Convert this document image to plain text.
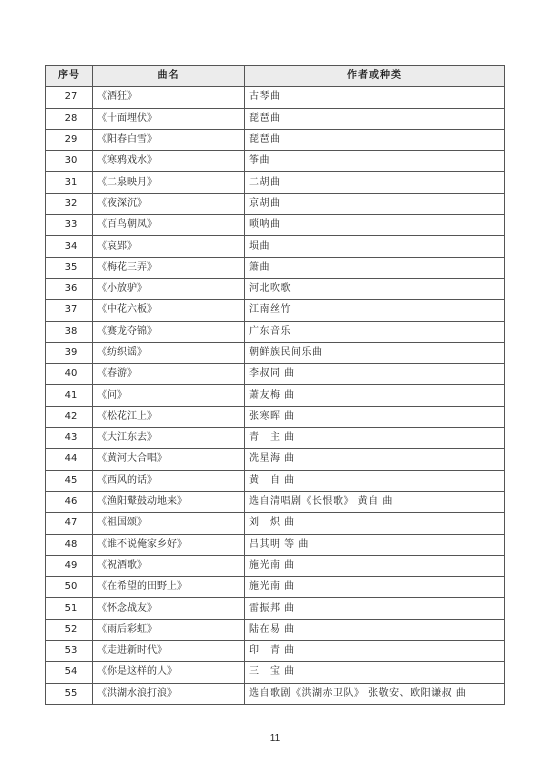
序号	曲名	作者或种类
27	《酒狂》	古琴曲
28	《十面埋伏》	琵琶曲
29	《阳春白雪》	琵琶曲
30	《寒鸦戏水》	筝曲
31	《二泉映月》	二胡曲
32	《夜深沉》	京胡曲
33	《百鸟朝凤》	唢呐曲
34	《哀郢》	埙曲
35	《梅花三弄》	箫曲
36	《小放驴》	河北吹歌
37	《中花六板》	江南丝竹
38	《赛龙夺锦》	广东音乐
39	《纺织谣》	朝鲜族民间乐曲
40	《春游》	李叔同 曲
41	《问》	萧友梅 曲
42	《松花江上》	张寒晖 曲
43	《大江东去》	青　主 曲
44	《黄河大合唱》	冼星海 曲
45	《西风的话》	黄　自 曲
46	《渔阳鼙鼓动地来》	选自清唱剧《长恨歌》 黄自 曲
47	《祖国颂》	刘　炽 曲
48	《谁不说俺家乡好》	吕其明 等 曲
49	《祝酒歌》	施光南 曲
50	《在希望的田野上》	施光南 曲
51	《怀念战友》	雷振邦 曲
52	《雨后彩虹》	陆在易 曲
53	《走进新时代》	印　青 曲
54	《你是这样的人》	三　宝 曲
55	《洪湖水浪打浪》	选自歌剧《洪湖赤卫队》 张敬安、欧阳谦叔 曲
11
